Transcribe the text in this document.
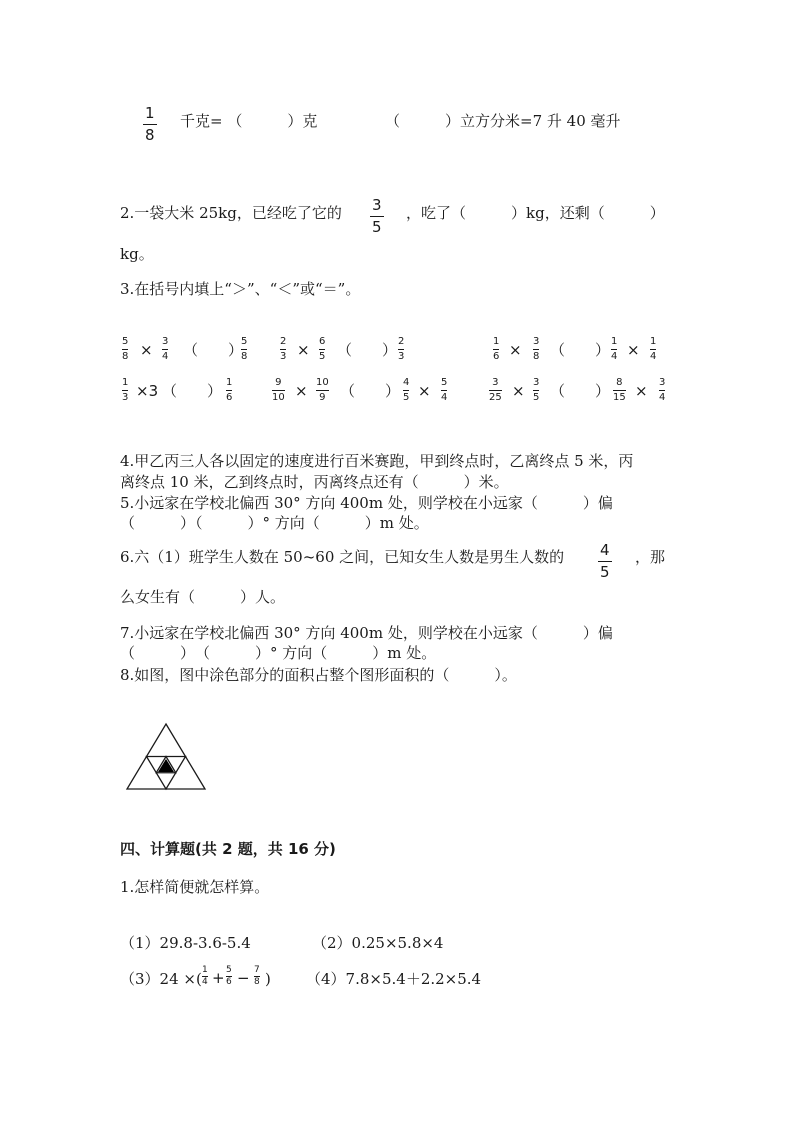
1
8
千克= （　　　）克	（　　　）立方分米=7 升 40 毫升
2.一袋大米 25kg，已经吃了它的 3
5
，吃了（　　　）kg，还剩（　　　）
kg。
3.在括号内填上“＞”、“＜”或“＝”。
5
8 × 3
4 （　　）
5
8
2
3 × 6
5 （　　） 2
3
1
6 × 3
8 （　　） 1
4 × 1
4
1
3 ×3 （　　） 1
6
9
10 × 10
9 （　　） 4
5 × 5
4
3
25 × 3
5 （　　） 8
15 × 3
4
4.甲乙丙三人各以固定的速度进行百米赛跑，甲到终点时，乙离终点 5 米，丙
离终点 10 米，乙到终点时，丙离终点还有（　　　）米。
5.小远家在学校北偏西 30° 方向 400m 处，则学校在小远家（　　　）偏
（　　　）（　　　）° 方向（　　　）m 处。
6.六（1）班学生人数在 50~60 之间，已知女生人数是男生人数的 4
5
，那
么女生有（　　　）人。
7.小远家在学校北偏西 30° 方向 400m 处，则学校在小远家（　　　）偏
（　　　）　（　　　）° 方向（　　　）m 处。
8.如图，图中涂色部分的面积占整个图形面积的（　　　）。
四、计算题(共 2 题，共 16 分)
1.怎样简便就怎样算。
（1）29.8-3.6-5.4	（2）0.25×5.8×4
（3）24 ×( 1
4 + 5
6 − 7
8 ) （4）7.8×5.4＋2.2×5.4
